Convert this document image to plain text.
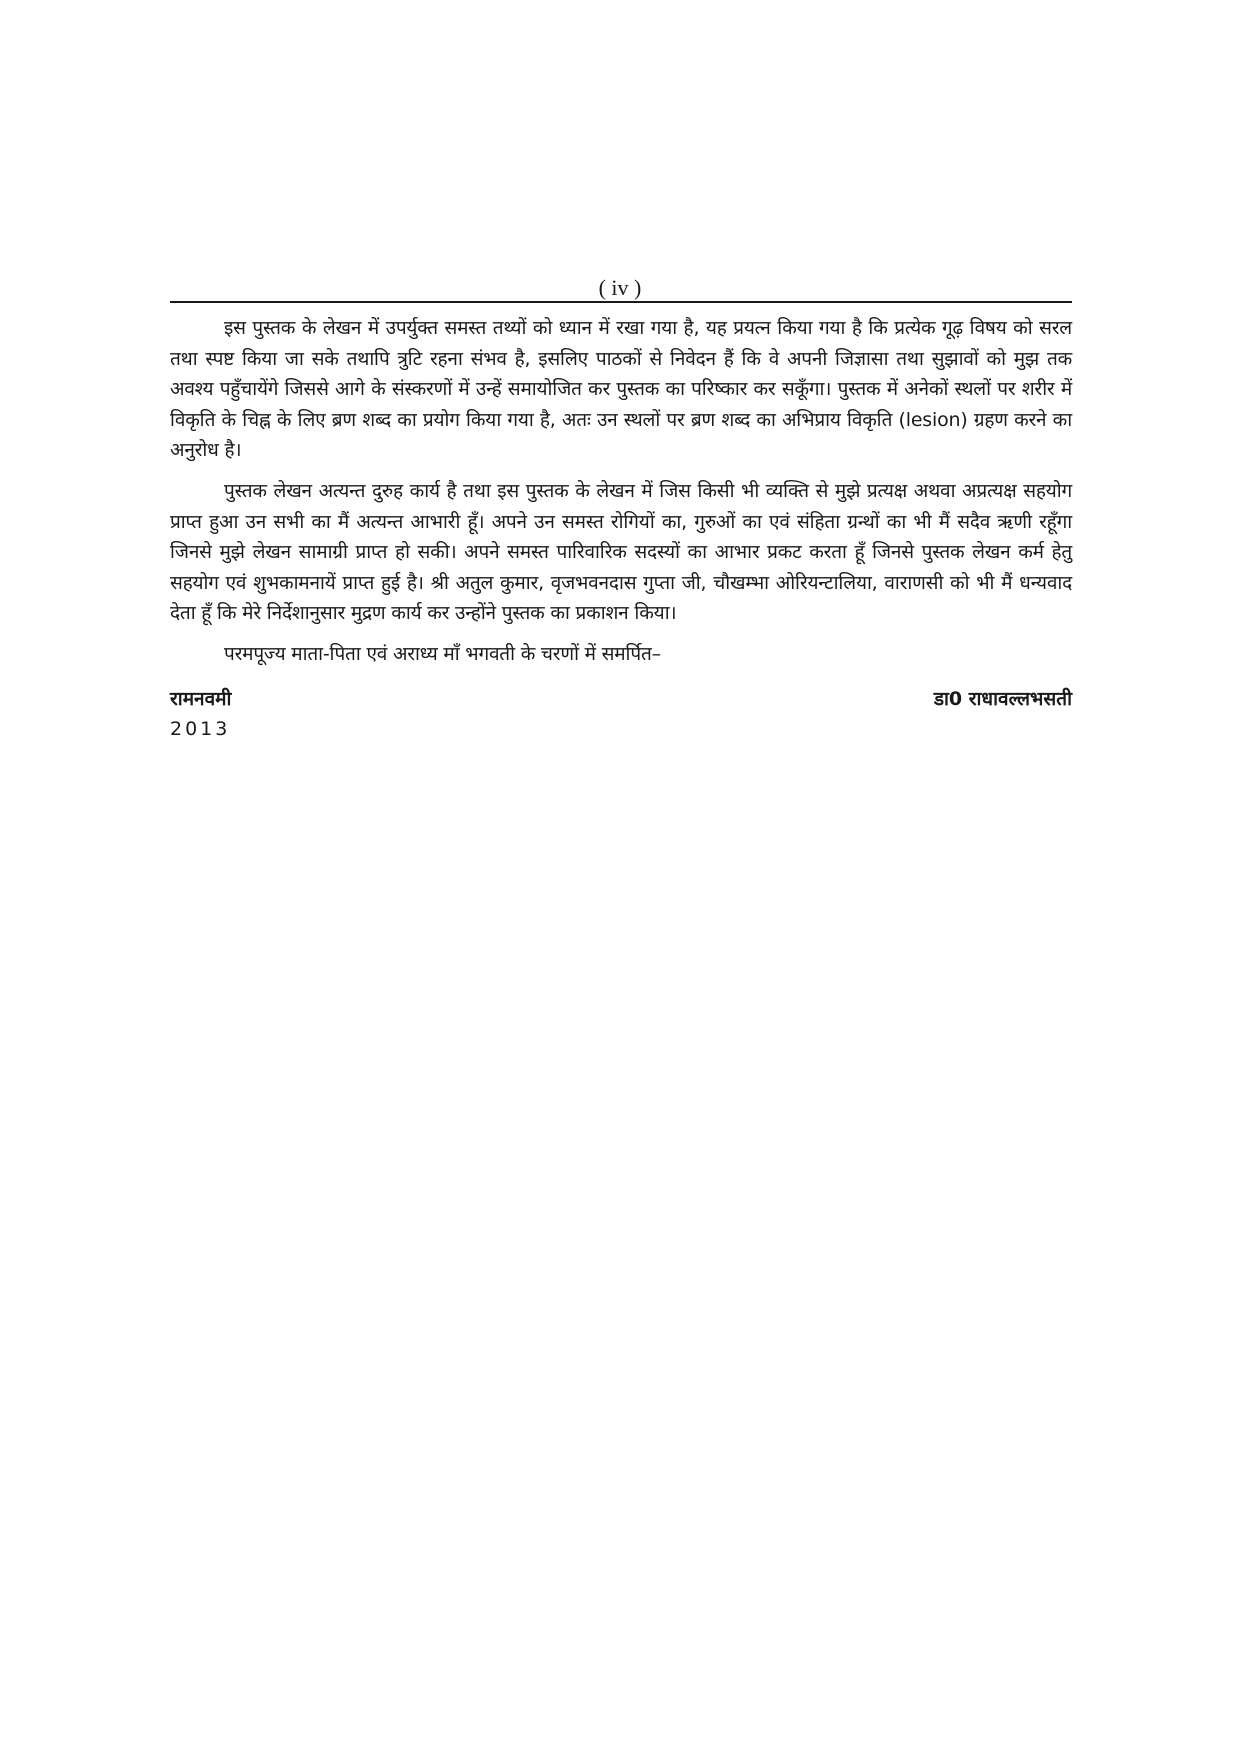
( iv )

इस पुस्तक के लेखन में उपर्युक्त समस्त तथ्यों को ध्यान में रखा गया है, यह प्रयत्न किया गया है कि प्रत्येक गूढ़ विषय को सरल तथा स्पष्ट किया जा सके तथापि त्रुटि रहना संभव है, इसलिए पाठकों से निवेदन हैं कि वे अपनी जिज्ञासा तथा सुझावों को मुझ तक अवश्य पहुँचायेंगे जिससे आगे के संस्करणों में उन्हें समायोजित कर पुस्तक का परिष्कार कर सकूँगा। पुस्तक में अनेकों स्थलों पर शरीर में विकृति के चिह्न के लिए ब्रण शब्द का प्रयोग किया गया है, अतः उन स्थलों पर ब्रण शब्द का अभिप्राय विकृति (lesion) ग्रहण करने का अनुरोध है।

पुस्तक लेखन अत्यन्त दुरुह कार्य है तथा इस पुस्तक के लेखन में जिस किसी भी व्यक्ति से मुझे प्रत्यक्ष अथवा अप्रत्यक्ष सहयोग प्राप्त हुआ उन सभी का मैं अत्यन्त आभारी हूँ। अपने उन समस्त रोगियों का, गुरुओं का एवं संहिता ग्रन्थों का भी मैं सदैव ऋणी रहूँगा जिनसे मुझे लेखन सामाग्री प्राप्त हो सकी। अपने समस्त पारिवारिक सदस्यों का आभार प्रकट करता हूँ जिनसे पुस्तक लेखन कर्म हेतु सहयोग एवं शुभकामनायें प्राप्त हुई है। श्री अतुल कुमार, वृजभवनदास गुप्ता जी, चौखम्भा ओरियन्टालिया, वाराणसी को भी मैं धन्यवाद देता हूँ कि मेरे निर्देशानुसार मुद्रण कार्य कर उन्होंने पुस्तक का प्रकाशन किया।

परमपूज्य माता-पिता एवं अराध्य माँ भगवती के चरणों में समर्पित–

रामनवमी	डा0 राधावल्लभसती
2013
